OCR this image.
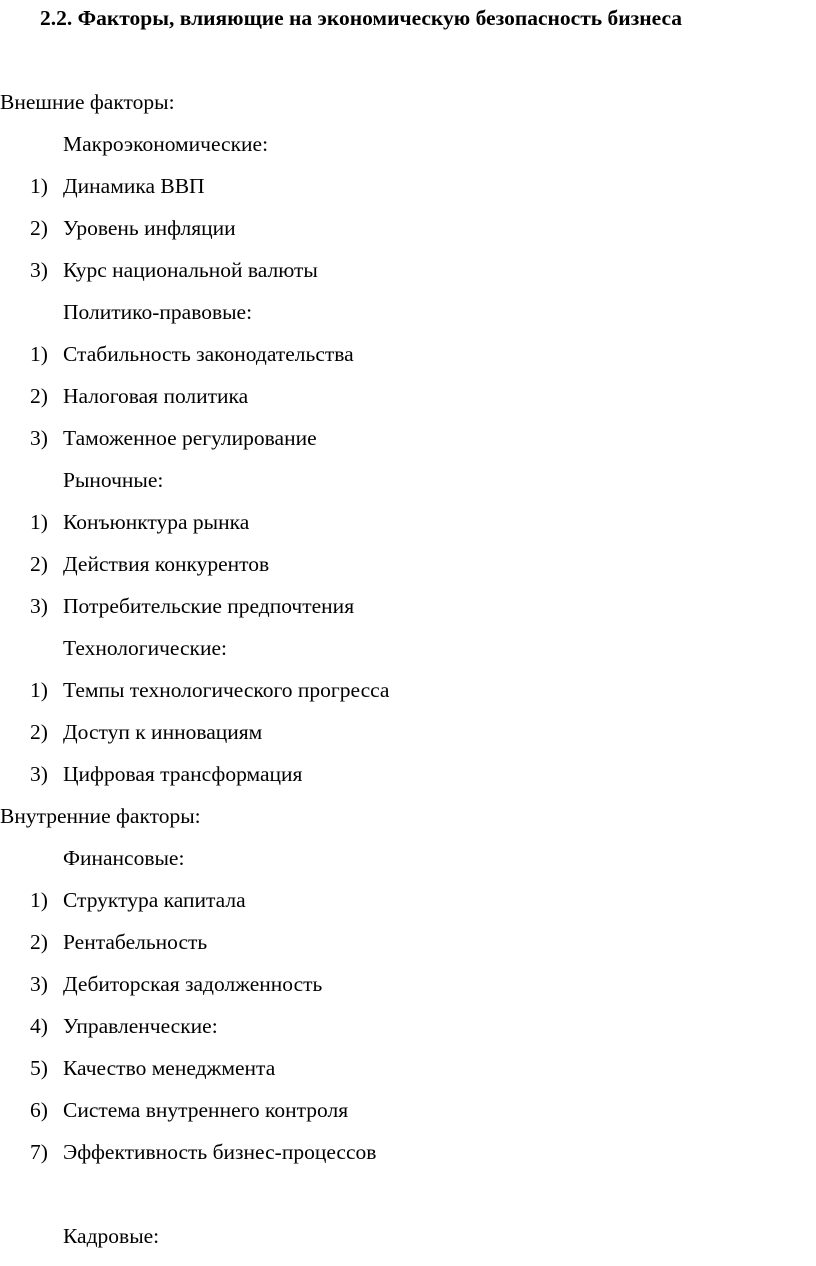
2.2. Факторы, влияющие на экономическую безопасность бизнеса
Внешние факторы:
Макроэкономические:
1) Динамика ВВП
2) Уровень инфляции
3) Курс национальной валюты
Политико-правовые:
1) Стабильность законодательства
2) Налоговая политика
3) Таможенное регулирование
Рыночные:
1) Конъюнктура рынка
2) Действия конкурентов
3) Потребительские предпочтения
Технологические:
1) Темпы технологического прогресса
2) Доступ к инновациям
3) Цифровая трансформация
Внутренние факторы:
Финансовые:
1) Структура капитала
2) Рентабельность
3) Дебиторская задолженность
4) Управленческие:
5) Качество менеджмента
6) Система внутреннего контроля
7) Эффективность бизнес-процессов
Кадровые:
